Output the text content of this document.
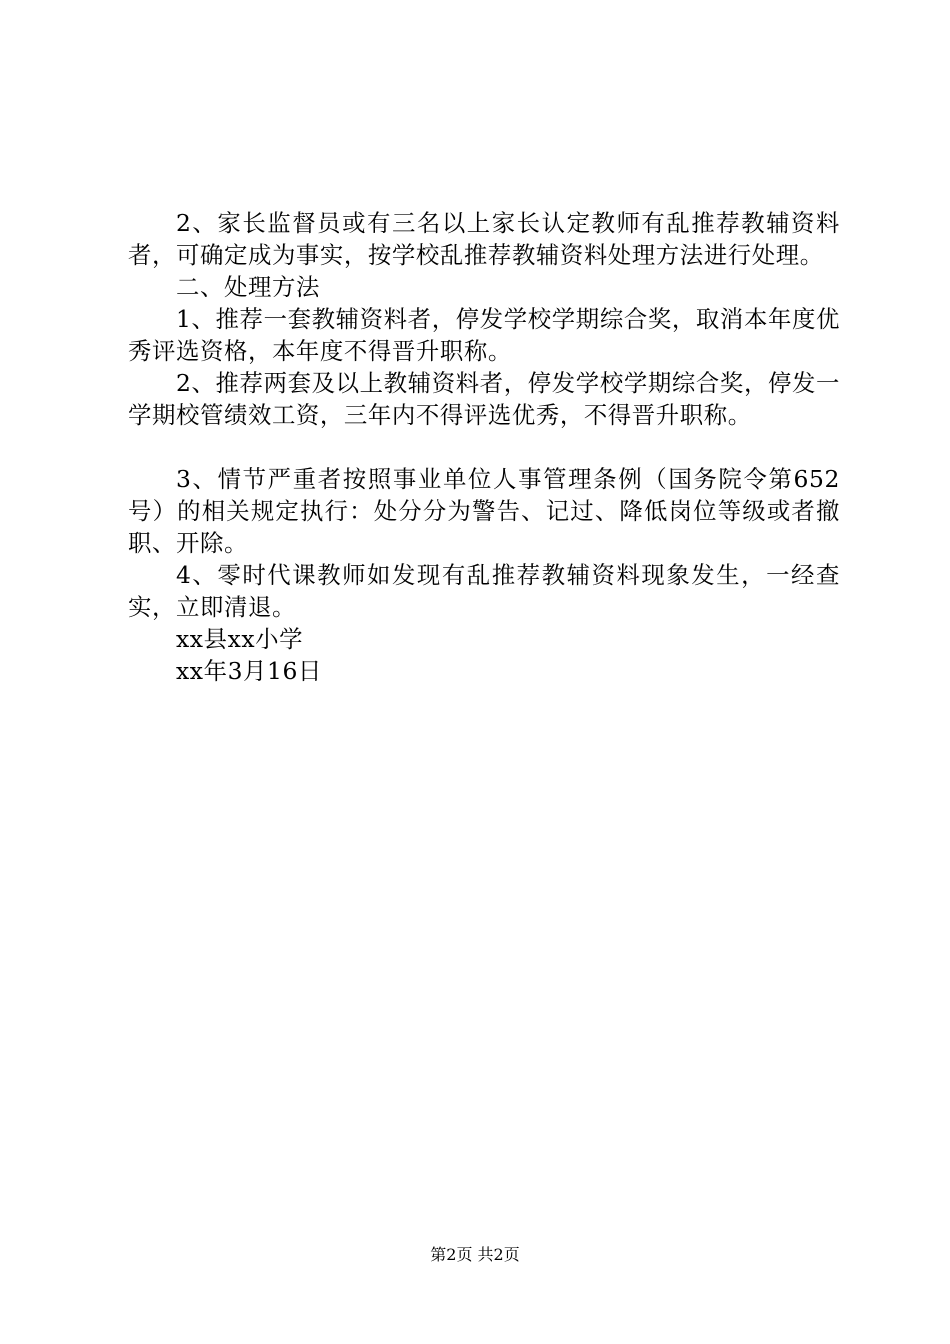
2、家长监督员或有三名以上家长认定教师有乱推荐教辅资料者，可确定成为事实，按学校乱推荐教辅资料处理方法进行处理。

二、处理方法

1、推荐一套教辅资料者，停发学校学期综合奖，取消本年度优秀评选资格，本年度不得晋升职称。

2、推荐两套及以上教辅资料者，停发学校学期综合奖，停发一学期校管绩效工资，三年内不得评选优秀，不得晋升职称。

3、情节严重者按照事业单位人事管理条例（国务院令第652号）的相关规定执行：处分分为警告、记过、降低岗位等级或者撤职、开除。

4、零时代课教师如发现有乱推荐教辅资料现象发生，一经查实，立即清退。

xx县xx小学

xx年3月16日

第2页 共2页
